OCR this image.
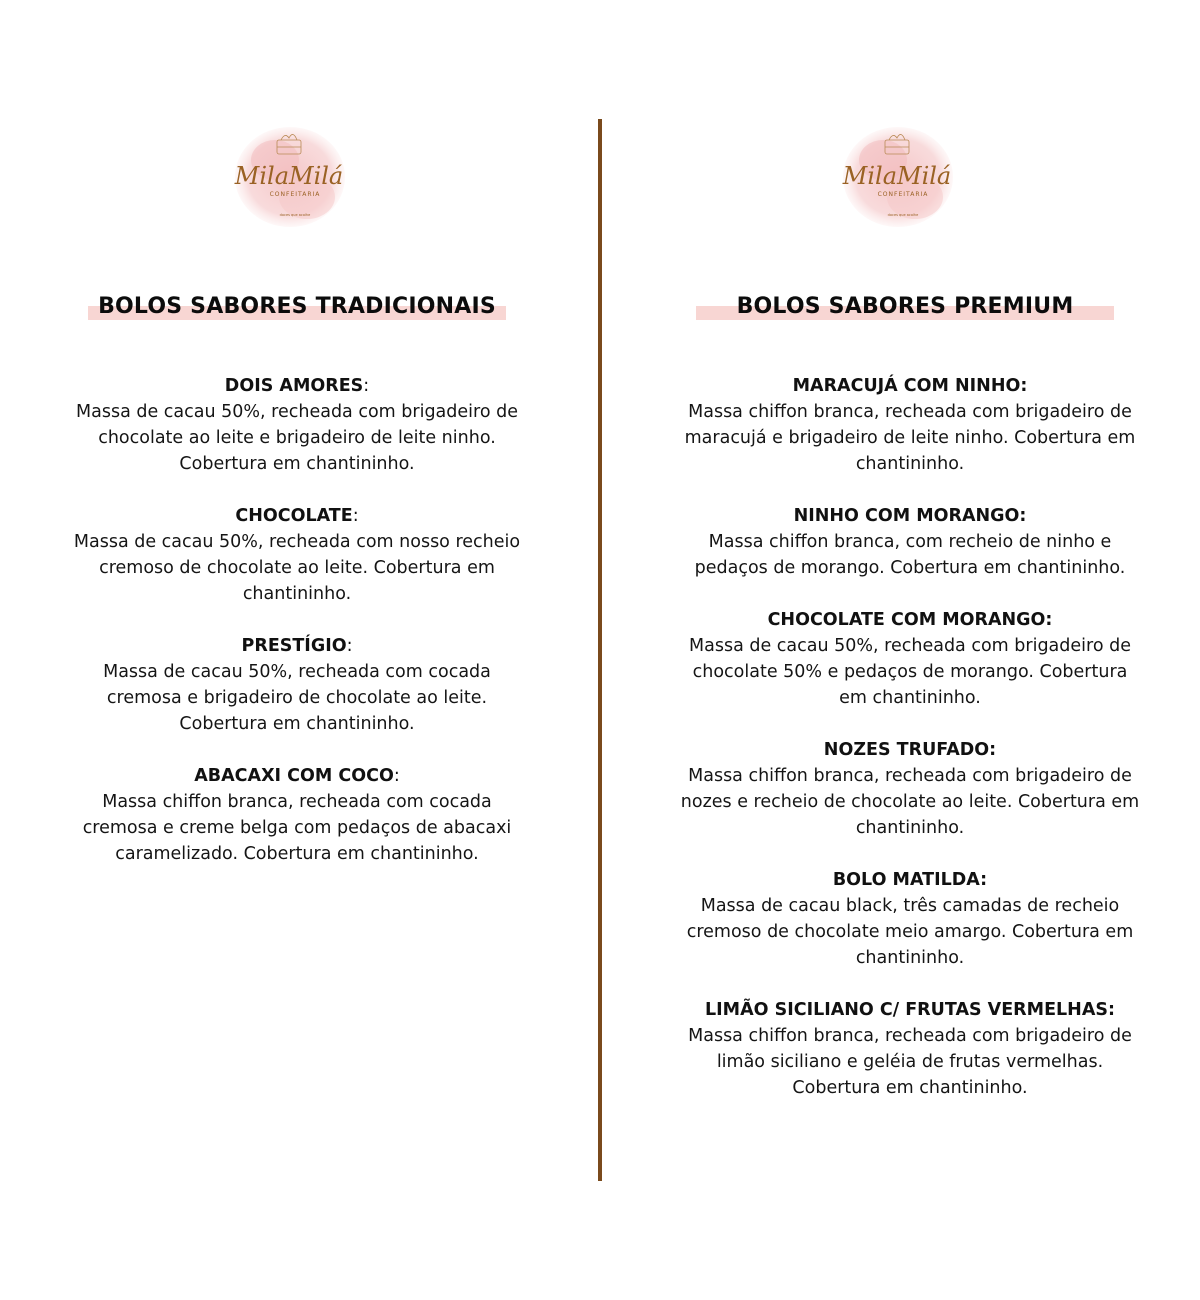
MilaMilá
CONFEITARIA
doces que acolhe
BOLOS SABORES TRADICIONAIS
DOIS AMORES:
Massa de cacau 50%, recheada com brigadeiro de chocolate ao leite e brigadeiro de leite ninho. Cobertura em chantininho.
CHOCOLATE:
Massa de cacau 50%, recheada com nosso recheio cremoso de chocolate ao leite. Cobertura em chantininho.
PRESTÍGIO:
Massa de cacau 50%, recheada com cocada cremosa e brigadeiro de chocolate ao leite. Cobertura em chantininho.
ABACAXI COM COCO:
Massa chiffon branca, recheada com cocada cremosa e creme belga com pedaços de abacaxi caramelizado. Cobertura em chantininho.
MilaMilá
CONFEITARIA
doces que acolhe
BOLOS SABORES PREMIUM
MARACUJÁ COM NINHO:
Massa chiffon branca, recheada com brigadeiro de maracujá e brigadeiro de leite ninho. Cobertura em chantininho.
NINHO COM MORANGO:
Massa chiffon branca, com recheio de ninho e pedaços de morango. Cobertura em chantininho.
CHOCOLATE COM MORANGO:
Massa de cacau 50%, recheada com brigadeiro de chocolate 50% e pedaços de morango. Cobertura em chantininho.
NOZES TRUFADO:
Massa chiffon branca, recheada com brigadeiro de nozes e recheio de chocolate ao leite. Cobertura em chantininho.
BOLO MATILDA:
Massa de cacau black, três camadas de recheio cremoso de chocolate meio amargo. Cobertura em chantininho.
LIMÃO SICILIANO C/ FRUTAS VERMELHAS:
Massa chiffon branca, recheada com brigadeiro de limão siciliano e geléia de frutas vermelhas. Cobertura em chantininho.
